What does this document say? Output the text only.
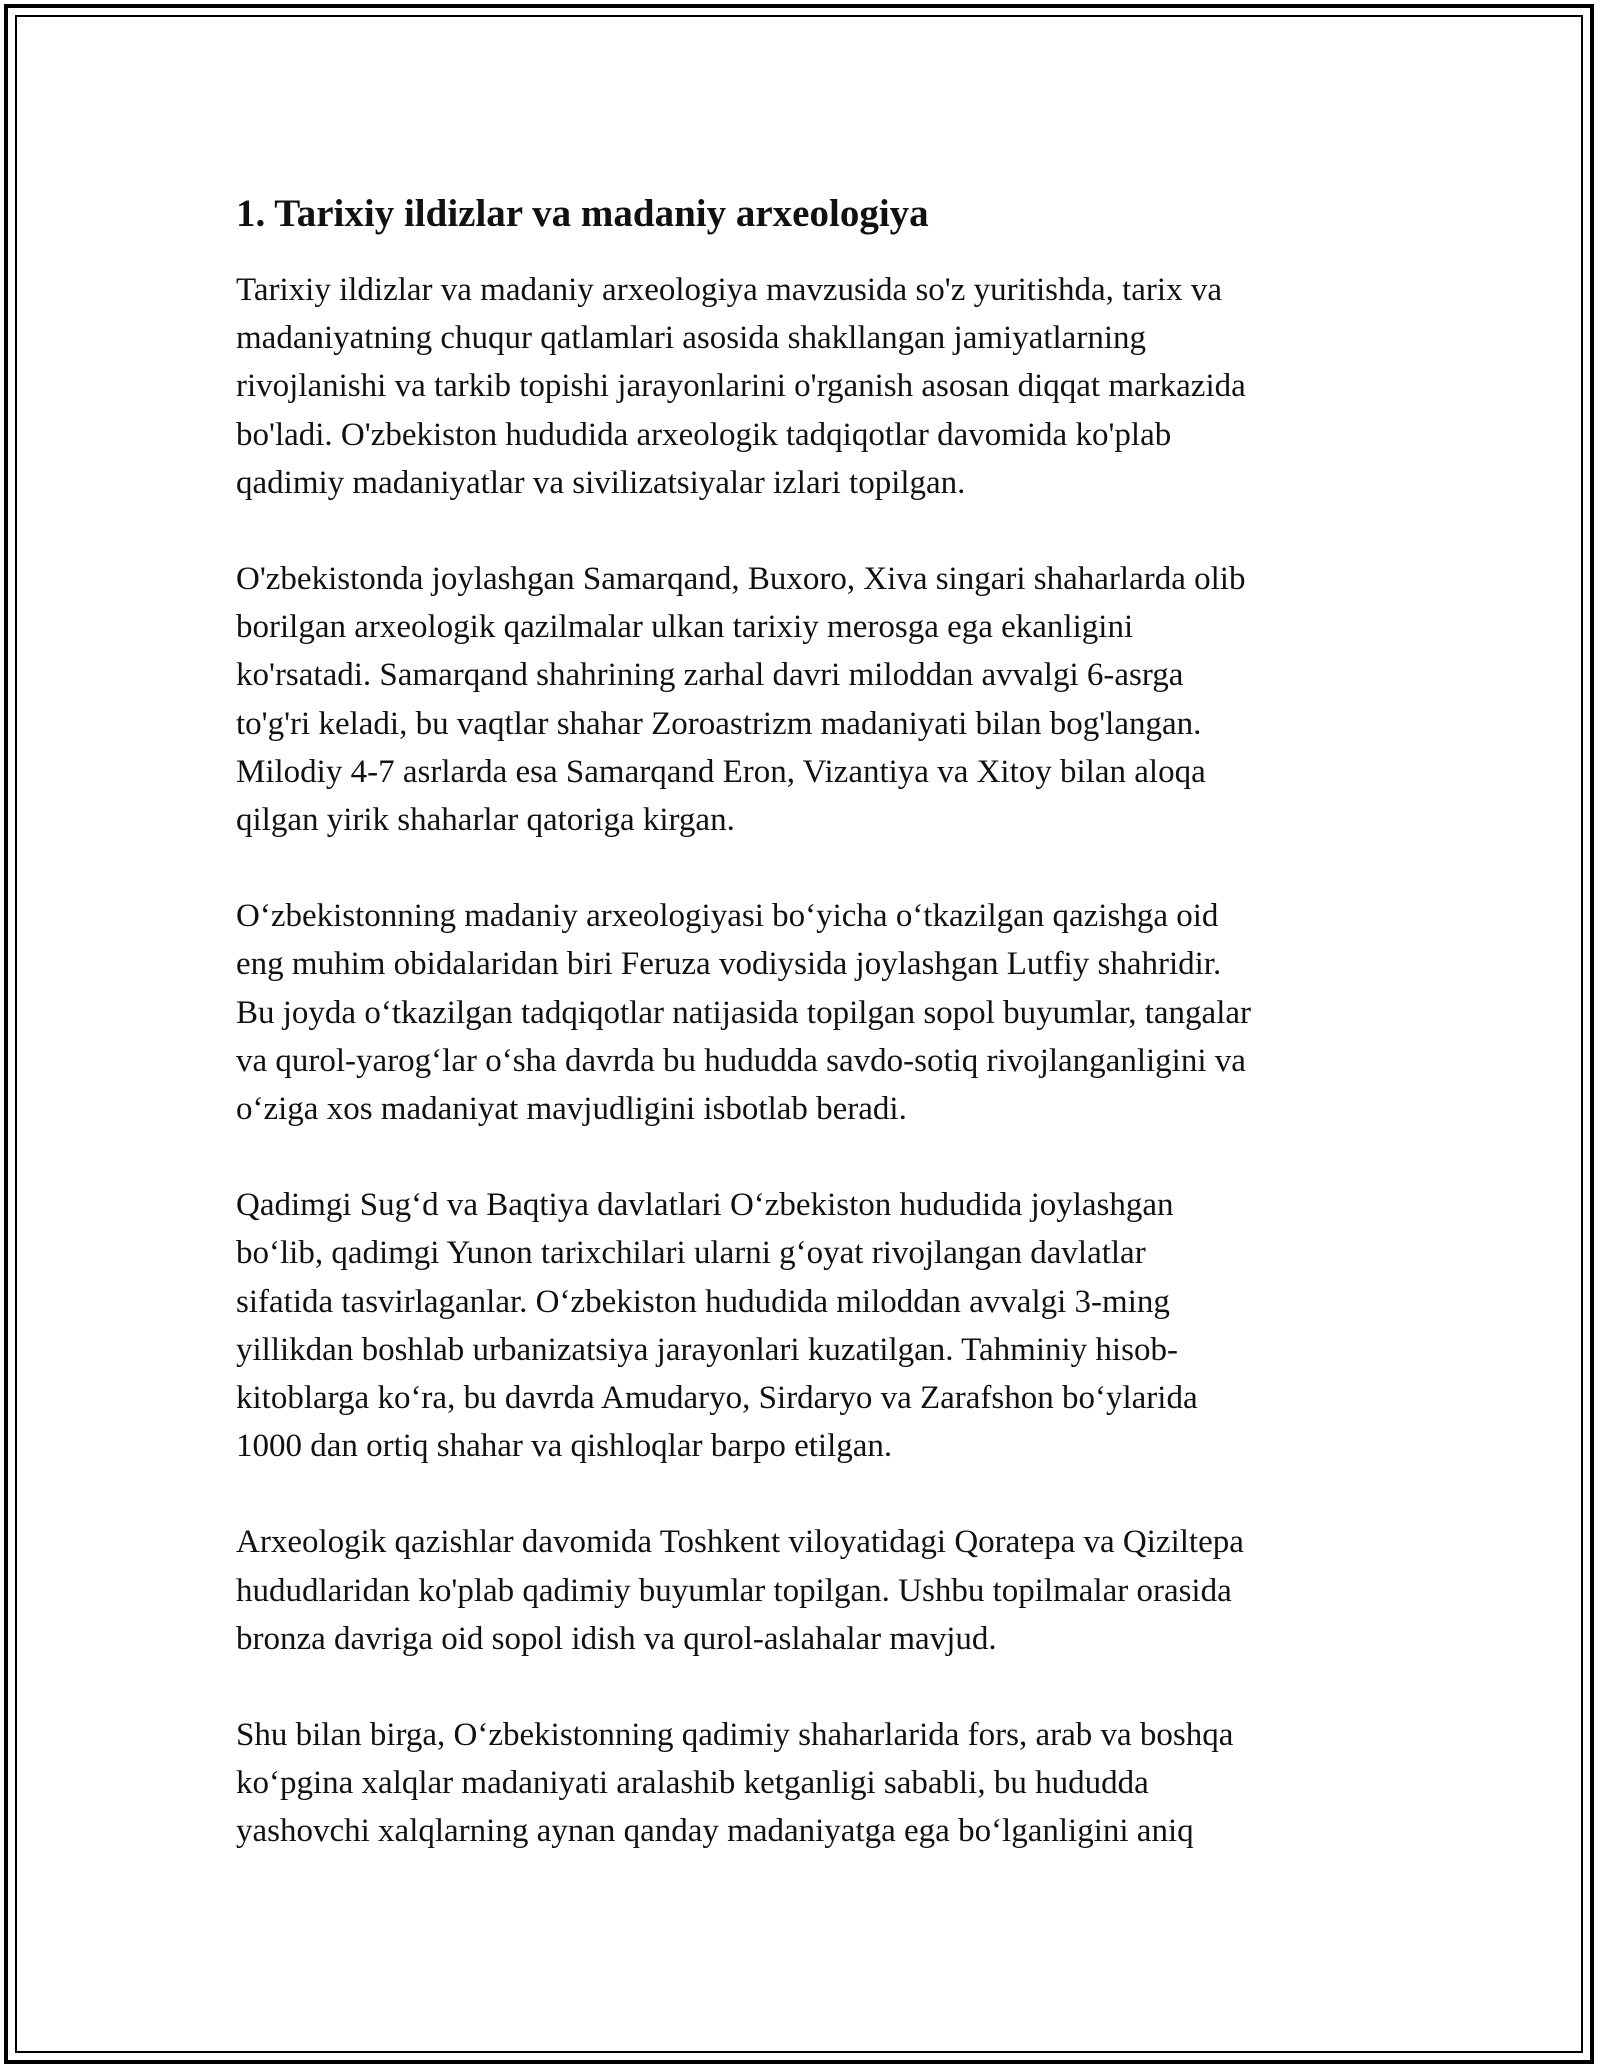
1. Tarixiy ildizlar va madaniy arxeologiya

Tarixiy ildizlar va madaniy arxeologiya mavzusida so'z yuritishda, tarix va
madaniyatning chuqur qatlamlari asosida shakllangan jamiyatlarning
rivojlanishi va tarkib topishi jarayonlarini o'rganish asosan diqqat markazida
bo'ladi. O'zbekiston hududida arxeologik tadqiqotlar davomida ko'plab
qadimiy madaniyatlar va sivilizatsiyalar izlari topilgan.

O'zbekistonda joylashgan Samarqand, Buxoro, Xiva singari shaharlarda olib
borilgan arxeologik qazilmalar ulkan tarixiy merosga ega ekanligini
ko'rsatadi. Samarqand shahrining zarhal davri miloddan avvalgi 6-asrga
to'g'ri keladi, bu vaqtlar shahar Zoroastrizm madaniyati bilan bog'langan.
Milodiy 4-7 asrlarda esa Samarqand Eron, Vizantiya va Xitoy bilan aloqa
qilgan yirik shaharlar qatoriga kirgan.

O‘zbekistonning madaniy arxeologiyasi bo‘yicha o‘tkazilgan qazishga oid
eng muhim obidalaridan biri Feruza vodiysida joylashgan Lutfiy shahridir.
Bu joyda o‘tkazilgan tadqiqotlar natijasida topilgan sopol buyumlar, tangalar
va qurol-yarog‘lar o‘sha davrda bu hududda savdo-sotiq rivojlanganligini va
o‘ziga xos madaniyat mavjudligini isbotlab beradi.

Qadimgi Sug‘d va Baqtiya davlatlari O‘zbekiston hududida joylashgan
bo‘lib, qadimgi Yunon tarixchilari ularni g‘oyat rivojlangan davlatlar
sifatida tasvirlaganlar. O‘zbekiston hududida miloddan avvalgi 3-ming
yillikdan boshlab urbanizatsiya jarayonlari kuzatilgan. Tahminiy hisob-
kitoblarga ko‘ra, bu davrda Amudaryo, Sirdaryo va Zarafshon bo‘ylarida
1000 dan ortiq shahar va qishloqlar barpo etilgan.

Arxeologik qazishlar davomida Toshkent viloyatidagi Qoratepa va Qiziltepa
hududlaridan ko'plab qadimiy buyumlar topilgan. Ushbu topilmalar orasida
bronza davriga oid sopol idish va qurol-aslahalar mavjud.

Shu bilan birga, O‘zbekistonning qadimiy shaharlarida fors, arab va boshqa
ko‘pgina xalqlar madaniyati aralashib ketganligi sababli, bu hududda
yashovchi xalqlarning aynan qanday madaniyatga ega bo‘lganligini aniq
